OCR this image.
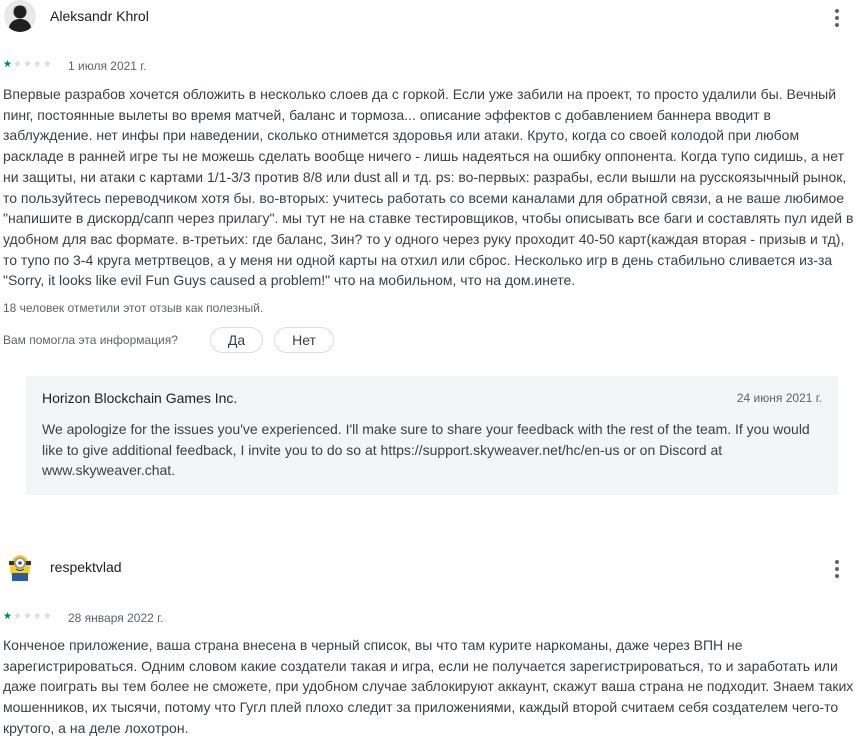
Aleksandr Khrol
★★★★★ 1 июля 2021 г.

Впервые разрабов хочется обложить в несколько слоев да с горкой. Если уже забили на проект, то просто удалили бы. Вечный пинг, постоянные вылеты во время матчей, баланс и тормоза... описание эффектов с добавлением баннера вводит в заблуждение. нет инфы при наведении, сколько отнимется здоровья или атаки. Круто, когда со своей колодой при любом раскладе в ранней игре ты не можешь сделать вообще ничего - лишь надеяться на ошибку оппонента. Когда тупо сидишь, а нет ни защиты, ни атаки с картами 1/1-3/3 против 8/8 или dust all и тд. ps: во-первых: разрабы, если вышли на русскоязычный рынок, то пользуйтесь переводчиком хотя бы. во-вторых: учитесь работать со всеми каналами для обратной связи, а не ваше любимое "напишите в дискорд/сапп через прилагу". мы тут не на ставке тестировщиков, чтобы описывать все баги и составлять пул идей в удобном для вас формате. в-третьих: где баланс, Зин? то у одного через руку проходит 40-50 карт(каждая вторая - призыв и тд), то тупо по 3-4 круга метртвецов, а у меня ни одной карты на отхил или сброс. Несколько игр в день стабильно сливается из-за "Sorry, it looks like evil Fun Guys caused a problem!" что на мобильном, что на дом.инете.

18 человек отметили этот отзыв как полезный.
Вам помогла эта информация?	Да	Нет
Horizon Blockchain Games Inc.	24 июня 2021 г.

We apologize for the issues you've experienced. I'll make sure to share your feedback with the rest of the team. If you would like to give additional feedback, I invite you to do so at https://support.skyweaver.net/hc/en-us or on Discord at www.skyweaver.chat.

respektvlad
★★★★★ 28 января 2022 г.

Конченое приложение, ваша страна внесена в черный список, вы что там курите наркоманы, даже через ВПН не зарегистрироваться. Одним словом какие создатели такая и игра, если не получается зарегистрироваться, то и заработать или даже поиграть вы тем более не сможете, при удобном случае заблокируют аккаунт, скажут ваша страна не подходит. Знаем таких мошенников, их тысячи, потому что Гугл плей плохо следит за приложениями, каждый второй считаем себя создателем чего-то крутого, а на деле лохотрон.
